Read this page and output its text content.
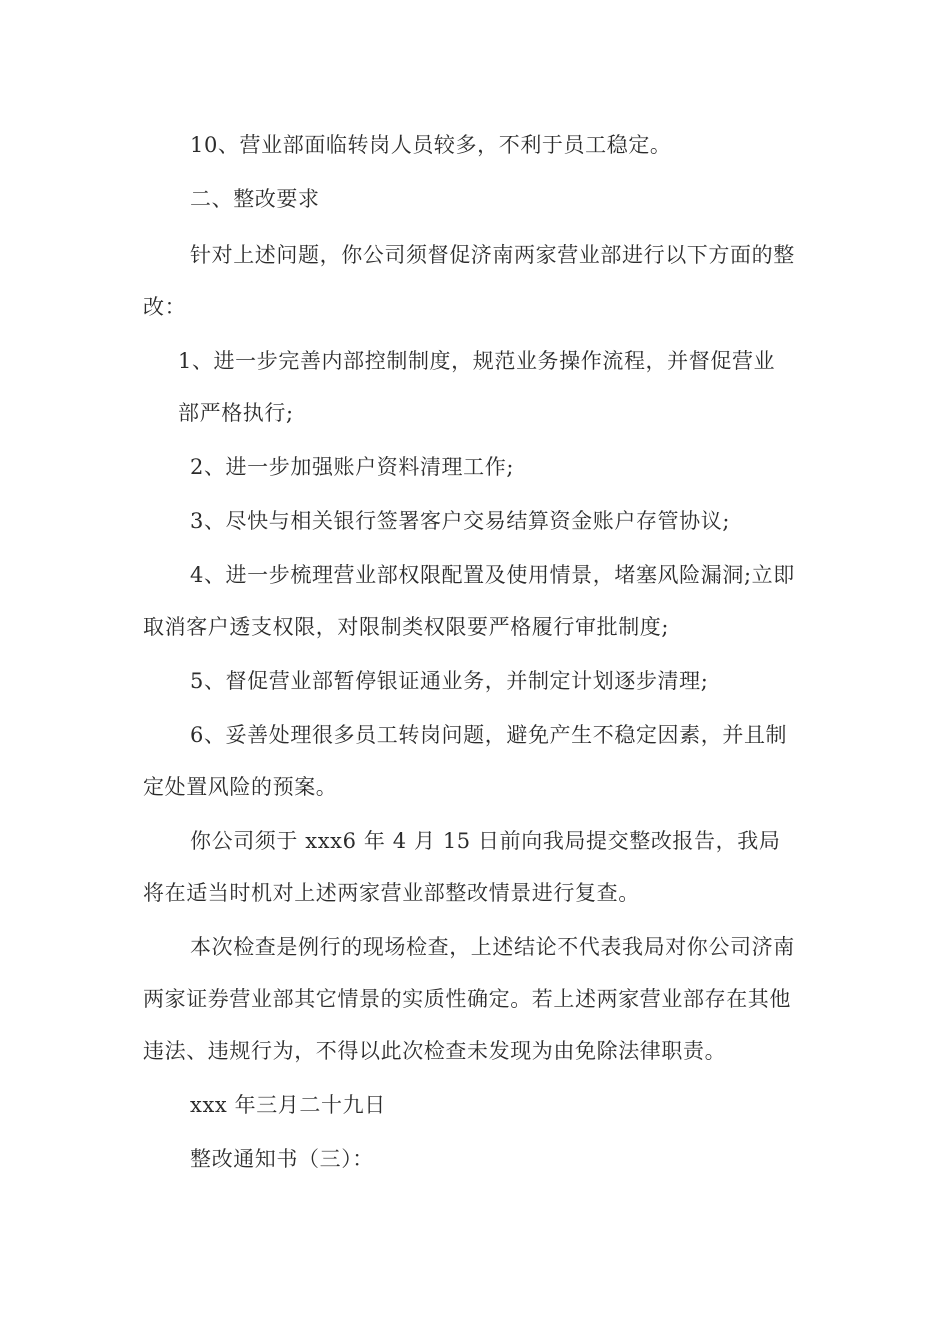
10、营业部面临转岗人员较多，不利于员工稳定。
二、整改要求
针对上述问题，你公司须督促济南两家营业部进行以下方面的整
改：
1、进一步完善内部控制制度，规范业务操作流程，并督促营业
部严格执行;
2、进一步加强账户资料清理工作;
3、尽快与相关银行签署客户交易结算资金账户存管协议;
4、进一步梳理营业部权限配置及使用情景，堵塞风险漏洞;立即
取消客户透支权限，对限制类权限要严格履行审批制度;
5、督促营业部暂停银证通业务，并制定计划逐步清理;
6、妥善处理很多员工转岗问题，避免产生不稳定因素，并且制
定处置风险的预案。
你公司须于 xxx6 年 4 月 15 日前向我局提交整改报告，我局
将在适当时机对上述两家营业部整改情景进行复查。
本次检查是例行的现场检查，上述结论不代表我局对你公司济南
两家证券营业部其它情景的实质性确定。若上述两家营业部存在其他
违法、违规行为，不得以此次检查未发现为由免除法律职责。
xxx 年三月二十九日
整改通知书（三）：
